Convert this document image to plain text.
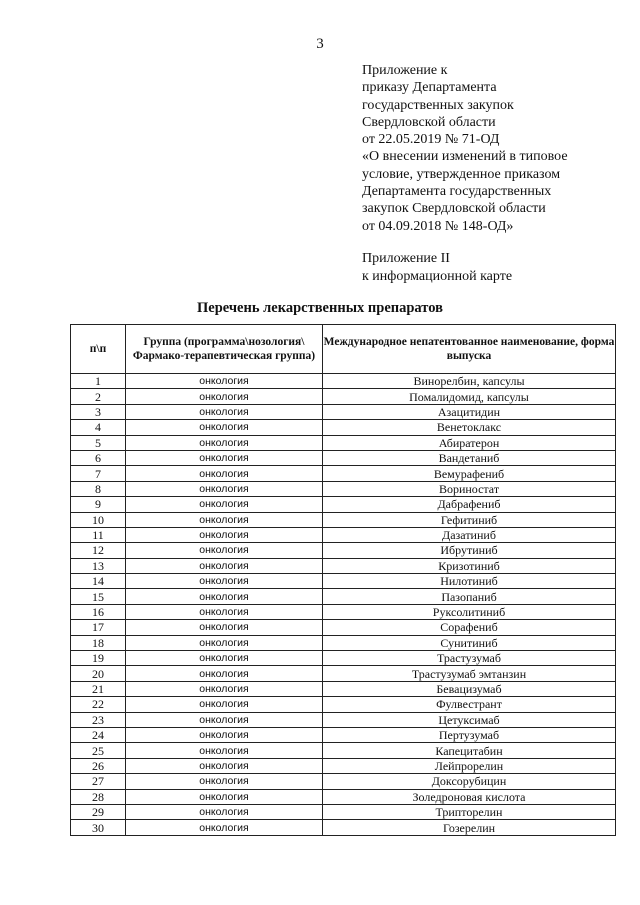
3
Приложение к
приказу Департамента
государственных закупок
Свердловской области
от 22.05.2019 № 71-ОД
«О внесении изменений в типовое
условие, утвержденное приказом
Департамента государственных
закупок Свердловской области
от 04.09.2018 № 148-ОД»
Приложение II
к информационной карте
Перечень лекарственных препаратов
п\п	Группа (программа\нозология\ Фармако-терапевтическая группа)	Международное непатентованное наименование, форма выпуска
1	онкология	Винорелбин, капсулы
2	онкология	Помалидомид, капсулы
3	онкология	Азацитидин
4	онкология	Венетоклакс
5	онкология	Абиратерон
6	онкология	Вандетаниб
7	онкология	Вемурафениб
8	онкология	Вориностат
9	онкология	Дабрафениб
10	онкология	Гефитиниб
11	онкология	Дазатиниб
12	онкология	Ибрутиниб
13	онкология	Кризотиниб
14	онкология	Нилотиниб
15	онкология	Пазопаниб
16	онкология	Руксолитиниб
17	онкология	Сорафениб
18	онкология	Сунитиниб
19	онкология	Трастузумаб
20	онкология	Трастузумаб эмтанзин
21	онкология	Бевацизумаб
22	онкология	Фулвестрант
23	онкология	Цетуксимаб
24	онкология	Пертузумаб
25	онкология	Капецитабин
26	онкология	Лейпрорелин
27	онкология	Доксорубицин
28	онкология	Золедроновая кислота
29	онкология	Трипторелин
30	онкология	Гозерелин
